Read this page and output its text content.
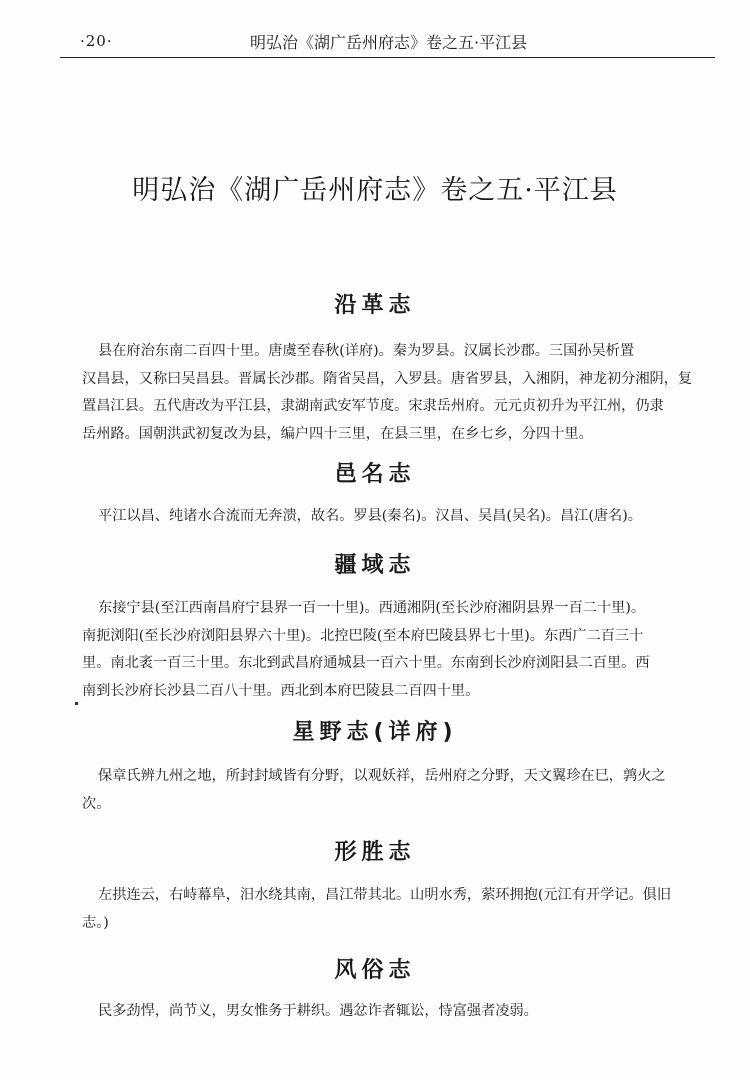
·20·	明弘治《湖广岳州府志》卷之五·平江县
明弘治《湖广岳州府志》卷之五·平江县
沿革志
县在府治东南二百四十里。唐虞至春秋(详府)。秦为罗县。汉属长沙郡。三国孙吴析置
汉昌县，又称曰吴昌县。晋属长沙郡。隋省吴昌，入罗县。唐省罗县，入湘阴，神龙初分湘阴，复
置昌江县。五代唐改为平江县，隶湖南武安军节度。宋隶岳州府。元元贞初升为平江州，仍隶
岳州路。国朝洪武初复改为县，编户四十三里，在县三里，在乡七乡，分四十里。
邑名志
平江以昌、纯诸水合流而无奔溃，故名。罗县(秦名)。汉昌、吴昌(吴名)。昌江(唐名)。
疆域志
东接宁县(至江西南昌府宁县界一百一十里)。西通湘阴(至长沙府湘阴县界一百二十里)。
南扼浏阳(至长沙府浏阳县界六十里)。北控巴陵(至本府巴陵县界七十里)。东西广二百三十
里。南北袤一百三十里。东北到武昌府通城县一百六十里。东南到长沙府浏阳县二百里。西
南到长沙府长沙县二百八十里。西北到本府巴陵县二百四十里。
星野志(详府)
保章氏辨九州之地，所封封域皆有分野，以观妖祥，岳州府之分野，天文翼珍在巳，鹑火之
次。
形胜志
左拱连云，右峙幕阜，汨水绕其南，昌江带其北。山明水秀，萦环拥抱(元江有开学记。俱旧
志。)
风俗志
民多劲悍，尚节义，男女惟务于耕织。遇忿诈者辄讼，恃富强者凌弱。
